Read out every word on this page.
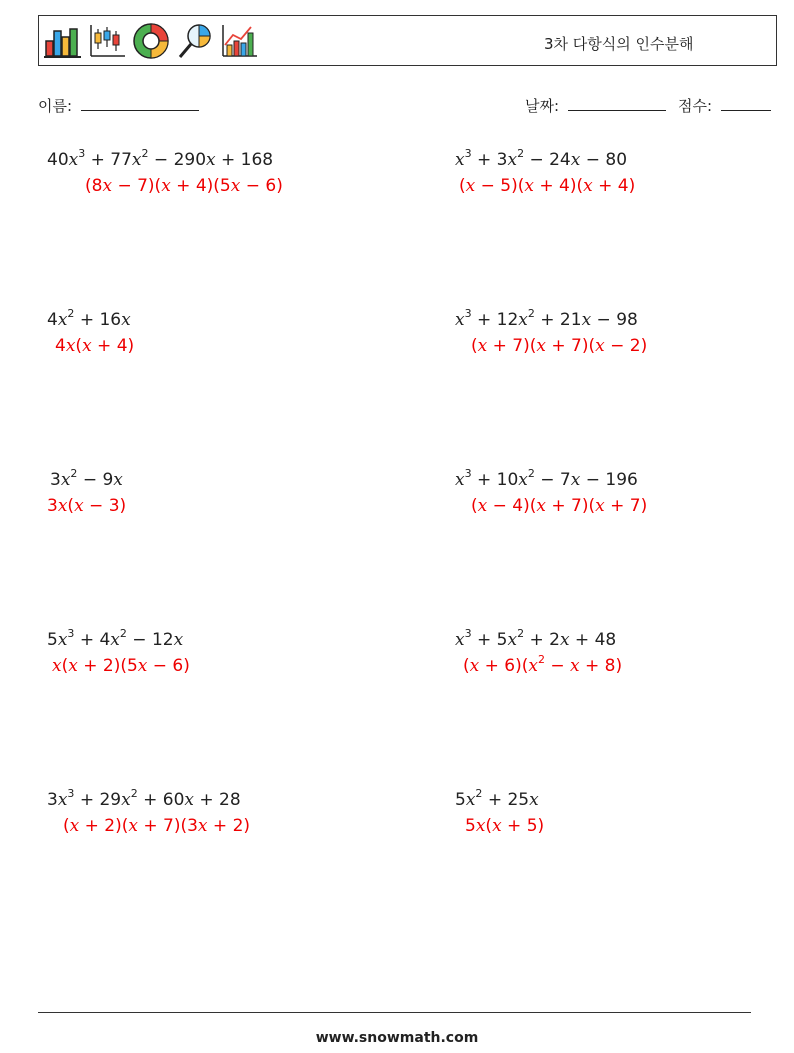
3차 다항식의 인수분해
이름:	날짜:	점수:
$40x^3 + 77x^2 - 290x + 168$
(8x − 7)(x + 4)(5x − 6)
$x^3 + 3x^2 - 24x - 80$
(x − 5)(x + 4)(x + 4)
$4x^2 + 16x$
4x(x + 4)
$x^3 + 12x^2 + 21x - 98$
(x + 7)(x + 7)(x − 2)
$3x^2 - 9x$
3x(x − 3)
$x^3 + 10x^2 - 7x - 196$
(x − 4)(x + 7)(x + 7)
$5x^3 + 4x^2 - 12x$
x(x + 2)(5x − 6)
$x^3 + 5x^2 + 2x + 48$
$(x + 6)(x^2 - x + 8)$
$3x^3 + 29x^2 + 60x + 28$
(x + 2)(x + 7)(3x + 2)
$5x^2 + 25x$
5x(x + 5)
www.snowmath.com
